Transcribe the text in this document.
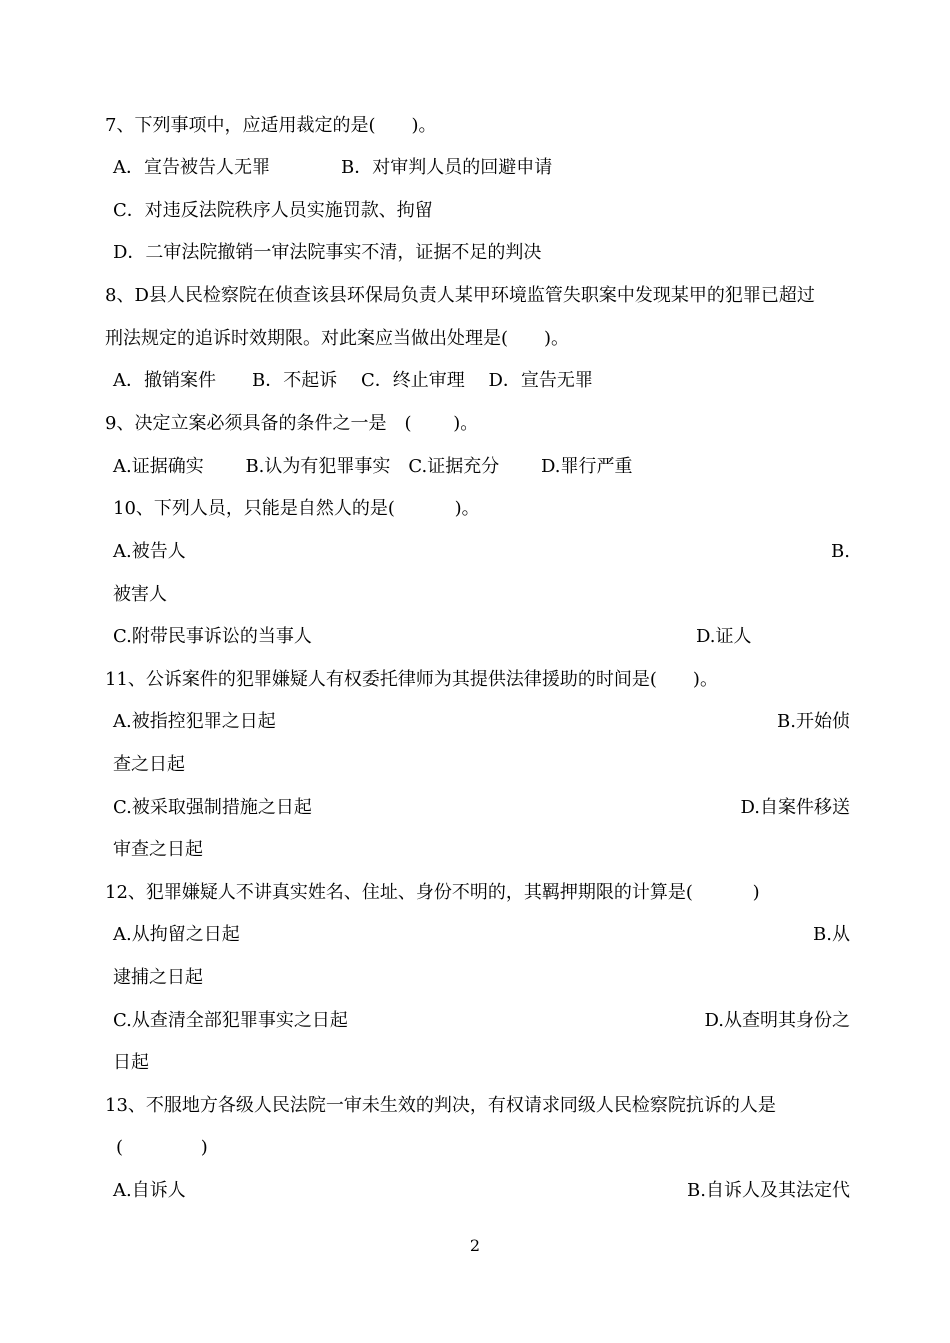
7、下列事项中，应适用裁定的是(　　)。
A．宣告被告人无罪	B．对审判人员的回避申请
C．对违反法院秩序人员实施罚款、拘留
D．二审法院撤销一审法院事实不清，证据不足的判决
8、D县人民检察院在侦查该县环保局负责人某甲环境监管失职案中发现某甲的犯罪已超过
刑法规定的追诉时效期限。对此案应当做出处理是(　　)。
A．撤销案件　　B．不起诉　 C．终止审理　 D．宣告无罪
9、决定立案必须具备的条件之一是　(　　 )。
A.证据确实　　 B.认为有犯罪事实　C.证据充分　　 D.罪行严重
10、下列人员，只能是自然人的是(　　　 )。
A.被告人	B.
被害人
C.附带民事诉讼的当事人	D.证人
11、公诉案件的犯罪嫌疑人有权委托律师为其提供法律援助的时间是(　　)。
A.被指控犯罪之日起	B.开始侦
查之日起
C.被采取强制措施之日起	D.自案件移送
审查之日起
12、犯罪嫌疑人不讲真实姓名、住址、身份不明的，其羁押期限的计算是(　　　 )
A.从拘留之日起	B.从
逮捕之日起
C.从查清全部犯罪事实之日起	D.从查明其身份之
日起
13、不服地方各级人民法院一审未生效的判决，有权请求同级人民检察院抗诉的人是
(　　　　 )
A.自诉人	B.自诉人及其法定代
2
